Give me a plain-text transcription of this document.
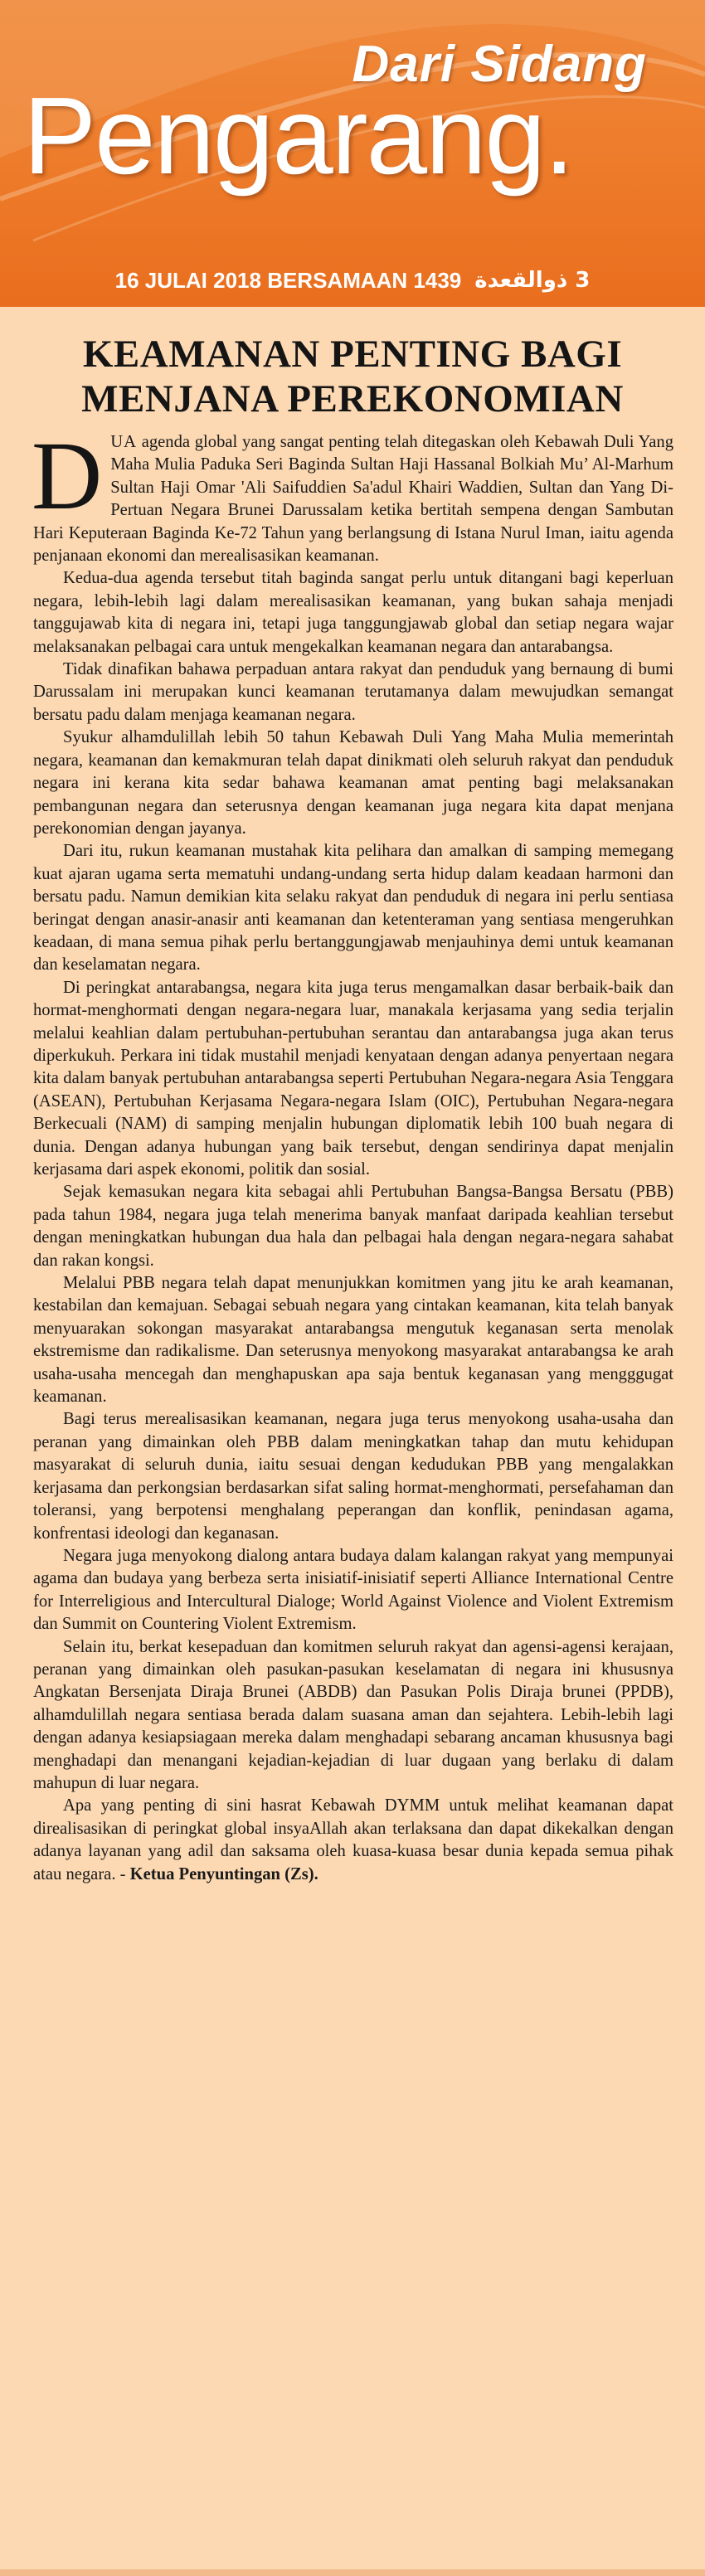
Dari Sidang
Pengarang.
16 JULAI 2018 BERSAMAAN 1439	3 ذوالقعدة
KEAMANAN PENTING BAGI MENJANA PEREKONOMIAN

DUA agenda global yang sangat penting telah ditegaskan oleh Kebawah Duli Yang Maha Mulia Paduka Seri Baginda Sultan Haji Hassanal Bolkiah Mu’ Al-Marhum Sultan Haji Omar 'Ali Saifuddien Sa'adul Khairi Waddien, Sultan dan Yang Di-Pertuan Negara Brunei Darussalam ketika bertitah sempena dengan Sambutan Hari Keputeraan Baginda Ke-72 Tahun yang berlangsung di Istana Nurul Iman, iaitu agenda penjanaan ekonomi dan merealisasikan keamanan.

Kedua-dua agenda tersebut titah baginda sangat perlu untuk ditangani bagi keperluan negara, lebih-lebih lagi dalam merealisasikan keamanan, yang bukan sahaja menjadi tanggujawab kita di negara ini, tetapi juga tanggungjawab global dan setiap negara wajar melaksanakan pelbagai cara untuk mengekalkan keamanan negara dan antarabangsa.

Tidak dinafikan bahawa perpaduan antara rakyat dan penduduk yang bernaung di bumi Darussalam ini merupakan kunci keamanan terutamanya dalam mewujudkan semangat bersatu padu dalam menjaga keamanan negara.

Syukur alhamdulillah lebih 50 tahun Kebawah Duli Yang Maha Mulia memerintah negara, keamanan dan kemakmuran telah dapat dinikmati oleh seluruh rakyat dan penduduk negara ini kerana kita sedar bahawa keamanan amat penting bagi melaksanakan pembangunan negara dan seterusnya dengan keamanan juga negara kita dapat menjana perekonomian dengan jayanya.

Dari itu, rukun keamanan mustahak kita pelihara dan amalkan di samping memegang kuat ajaran ugama serta mematuhi undang-undang serta hidup dalam keadaan harmoni dan bersatu padu. Namun demikian kita selaku rakyat dan penduduk di negara ini perlu sentiasa beringat dengan anasir-anasir anti keamanan dan ketenteraman yang sentiasa mengeruhkan keadaan, di mana semua pihak perlu bertanggungjawab menjauhinya demi untuk keamanan dan keselamatan negara.

Di peringkat antarabangsa, negara kita juga terus mengamalkan dasar berbaik-baik dan hormat-menghormati dengan negara-negara luar, manakala kerjasama yang sedia terjalin melalui keahlian dalam pertubuhan-pertubuhan serantau dan antarabangsa juga akan terus diperkukuh. Perkara ini tidak mustahil menjadi kenyataan dengan adanya penyertaan negara kita dalam banyak pertubuhan antarabangsa seperti Pertubuhan Negara-negara Asia Tenggara (ASEAN), Pertubuhan Kerjasama Negara-negara Islam (OIC), Pertubuhan Negara-negara Berkecuali (NAM) di samping menjalin hubungan diplomatik lebih 100 buah negara di dunia. Dengan adanya hubungan yang baik tersebut, dengan sendirinya dapat menjalin kerjasama dari aspek ekonomi, politik dan sosial.

Sejak kemasukan negara kita sebagai ahli Pertubuhan Bangsa-Bangsa Bersatu (PBB) pada tahun 1984, negara juga telah menerima banyak manfaat daripada keahlian tersebut dengan meningkatkan hubungan dua hala dan pelbagai hala dengan negara-negara sahabat dan rakan kongsi.

Melalui PBB negara telah dapat menunjukkan komitmen yang jitu ke arah keamanan, kestabilan dan kemajuan. Sebagai sebuah negara yang cintakan keamanan, kita telah banyak menyuarakan sokongan masyarakat antarabangsa mengutuk keganasan serta menolak ekstremisme dan radikalisme. Dan seterusnya menyokong masyarakat antarabangsa ke arah usaha-usaha mencegah dan menghapuskan apa saja bentuk keganasan yang mengggugat keamanan.

Bagi terus merealisasikan keamanan, negara juga terus menyokong usaha-usaha dan peranan yang dimainkan oleh PBB dalam meningkatkan tahap dan mutu kehidupan masyarakat di seluruh dunia, iaitu sesuai dengan kedudukan PBB yang mengalakkan kerjasama dan perkongsian berdasarkan sifat saling hormat-menghormati, persefahaman dan toleransi, yang berpotensi menghalang peperangan dan konflik, penindasan agama, konfrentasi ideologi dan keganasan.

Negara juga menyokong dialong antara budaya dalam kalangan rakyat yang mempunyai agama dan budaya yang berbeza serta inisiatif-inisiatif seperti Alliance International Centre for Interreligious and Intercultural Dialoge; World Against Violence and Violent Extremism dan Summit on Countering Violent Extremism.

Selain itu, berkat kesepaduan dan komitmen seluruh rakyat dan agensi-agensi kerajaan, peranan yang dimainkan oleh pasukan-pasukan keselamatan di negara ini khususnya Angkatan Bersenjata Diraja Brunei (ABDB) dan Pasukan Polis Diraja brunei (PPDB), alhamdulillah negara sentiasa berada dalam suasana aman dan sejahtera. Lebih-lebih lagi dengan adanya kesiapsiagaan mereka dalam menghadapi sebarang ancaman khususnya bagi menghadapi dan menangani kejadian-kejadian di luar dugaan yang berlaku di dalam mahupun di luar negara.

Apa yang penting di sini hasrat Kebawah DYMM untuk melihat keamanan dapat direalisasikan di peringkat global insyaAllah akan terlaksana dan dapat dikekalkan dengan adanya layanan yang adil dan saksama oleh kuasa-kuasa besar dunia kepada semua pihak atau negara. - Ketua Penyuntingan (Zs).
